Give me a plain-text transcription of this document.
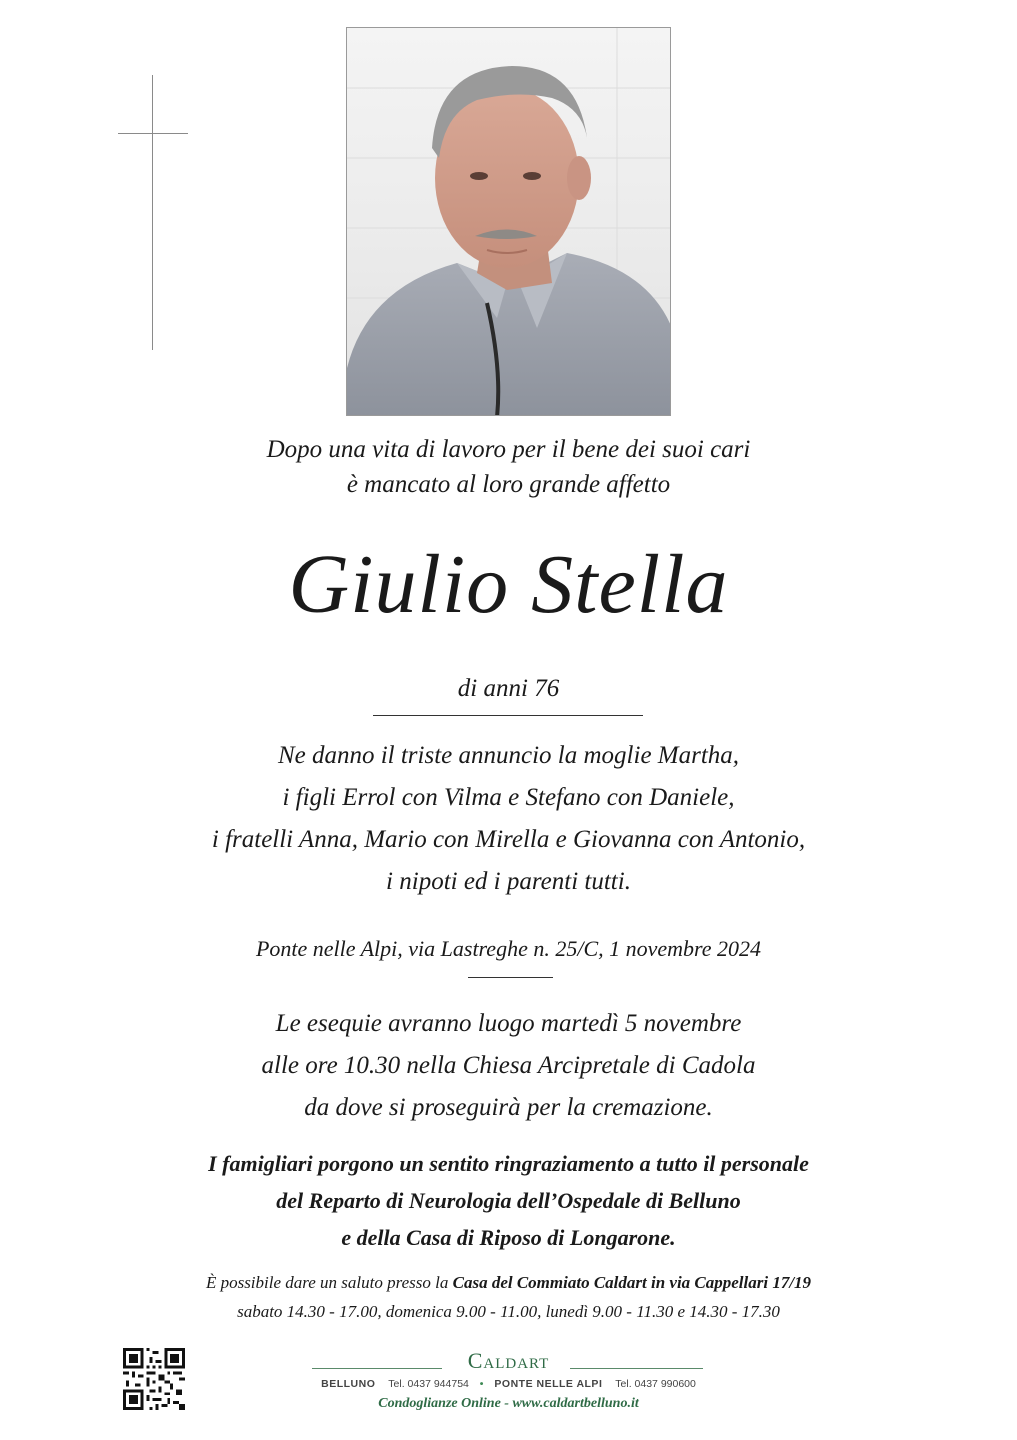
Dopo una vita di lavoro per il bene dei suoi cari
è mancato al loro grande affetto
Giulio Stella
di anni 76
Ne danno il triste annuncio la moglie Martha,
i figli Errol con Vilma e Stefano con Daniele,
i fratelli Anna, Mario con Mirella e Giovanna con Antonio,
i nipoti ed i parenti tutti.
Ponte nelle Alpi, via Lastreghe n. 25/C, 1 novembre 2024
Le esequie avranno luogo martedì 5 novembre
alle ore 10.30 nella Chiesa Arcipretale di Cadola
da dove si proseguirà per la cremazione.
I famigliari porgono un sentito ringraziamento a tutto il personale
del Reparto di Neurologia dell’Ospedale di Belluno
e della Casa di Riposo di Longarone.
È possibile dare un saluto presso la Casa del Commiato Caldart in via Cappellari 17/19
sabato 14.30 - 17.00, domenica 9.00 - 11.00, lunedì 9.00 - 11.30 e 14.30 - 17.30
Caldart
BELLUNO Tel. 0437 944754 • PONTE NELLE ALPI Tel. 0437 990600
Condoglianze Online - www.caldartbelluno.it
